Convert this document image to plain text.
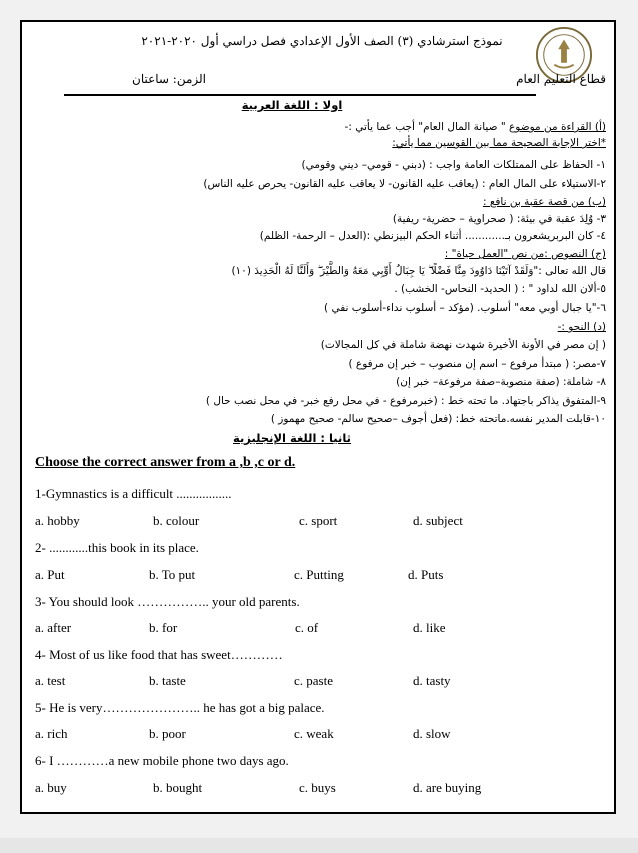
نموذج استرشادي (٣) الصف الأول الإعدادي فصل دراسي أول ٢٠٢٠-٢٠٢١
قطاع التعليم العام
الزمن: ساعتان
اولا : اللغة العربية
(أ) القراءة من موضوع " صيانة المال العام" أجب عما يأتي :-
*اختر الإجابة الصحيحة مما بين القوسين مما يأتي:
١- الحفاظ على الممتلكات العامة واجب : (دبني - قومي– ديني وقومي)
٢-الاستيلاء على المال العام : (يعاقب عليه القانون- لا يعاقب عليه القانون- يحرص عليه الناس)
(ب) من قصة عقبة بن نافع :
٣- وُلِدَ عقبة في بيئة: ( صحراوية – حضرية- ريفية)
٤- كان البربريشعرون بـ............ أثناء الحكم البيزنطي :(العدل – الرحمة- الظلم)
(ج) النصوص :من نص "العمل حياة" :
قال الله تعالى :"وَلَقَدْ آتَيْنَا دَاوُودَ مِنَّا فَضْلًا ۖ يَا جِبَالُ أَوِّبِي مَعَهُ وَالطَّيْرَ ۖ وَأَلَنَّا لَهُ الْحَدِيدَ (١٠)
٥-ألان الله لداود " : ( الحديد- النحاس- الخشب) .
٦-"يا جبال أوبي معه" أسلوب. (مؤكد – أسلوب نداء-أسلوب نفي )
(د) النحو :-
( إن مصر في الأونة الأخيرة شهدت نهضة شاملة في كل المجالات)
٧-مصر: ( مبتدأ مرفوع – اسم إن منصوب – خبر إن مرفوع )
٨- شاملة: (صفة منصوبة–صفة مرفوعة– خبر إن)
٩-المتفوق يذاكر باجتهاد. ما تحته خط : (خبرمرفوع - في محل رفع خبر- في محل نصب حال )
١٠-قابلت المدير نفسه.ماتحته خط: (فعل أجوف –صحيح سالم- صحيح مهموز )
ثانيا : اللغة الإنجليزية
Choose the correct answer from a ,b ,c or d.
1-Gymnastics is a difficult .................
a. hobby	b. colour	c. sport	d. subject
2- ............this book in its place.
a. Put	b. To put	c. Putting	d. Puts
3- You should look …………….. your old parents.
a. after	b. for	c. of	d. like
4- Most of us like food that has sweet…………
a. test	b. taste	c. paste	d. tasty
5- He is very………………….. he has got a big palace.
a. rich	b. poor	c. weak	d. slow
6- I …………a new mobile phone two days ago.
a. buy	b. bought	c. buys	d. are buying
